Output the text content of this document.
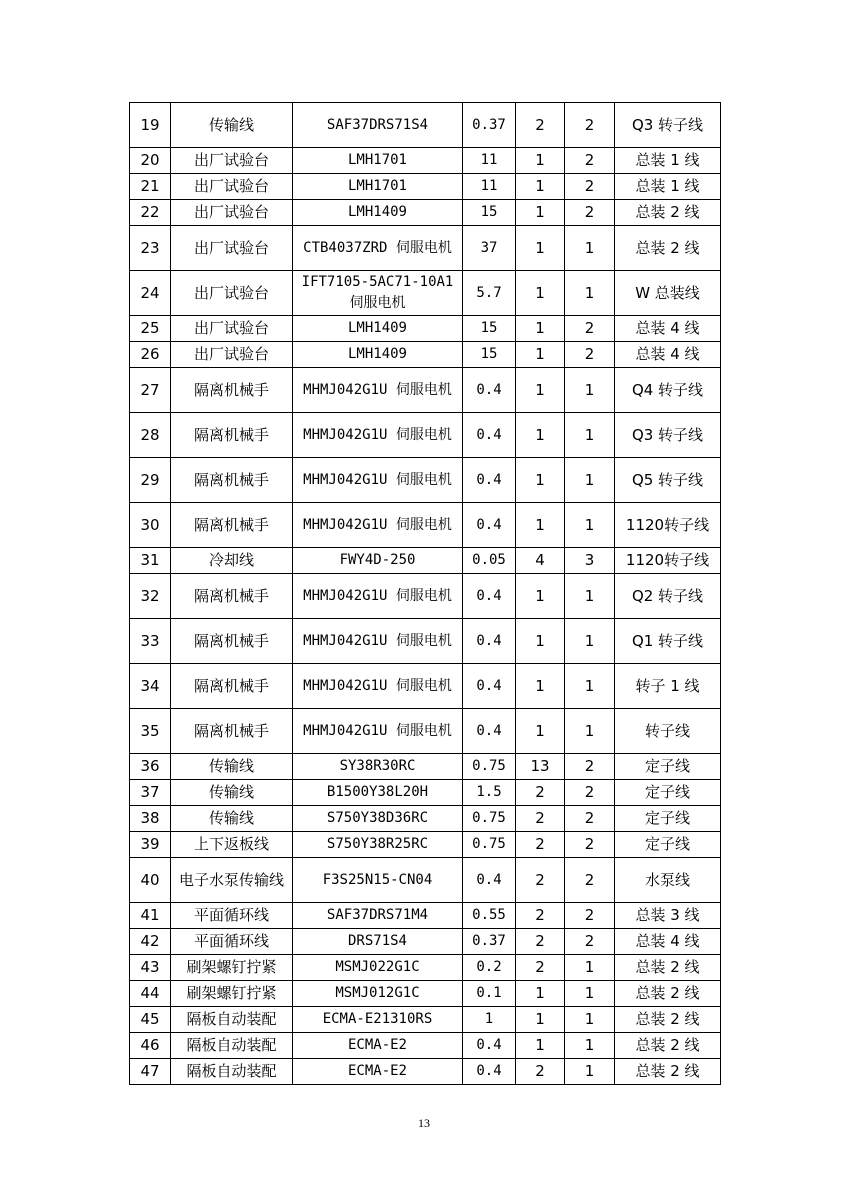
19	传输线	SAF37DRS71S4	0.37	2	2	Q3 转子线
20	出厂试验台	LMH1701	11	1	2	总装 1 线
21	出厂试验台	LMH1701	11	1	2	总装 1 线
22	出厂试验台	LMH1409	15	1	2	总装 2 线
23	出厂试验台	CTB4037ZRD 伺服电机	37	1	1	总装 2 线
24	出厂试验台	IFT7105-5AC71-10A1 伺服电机	5.7	1	1	W 总装线
25	出厂试验台	LMH1409	15	1	2	总装 4 线
26	出厂试验台	LMH1409	15	1	2	总装 4 线
27	隔离机械手	MHMJ042G1U 伺服电机	0.4	1	1	Q4 转子线
28	隔离机械手	MHMJ042G1U 伺服电机	0.4	1	1	Q3 转子线
29	隔离机械手	MHMJ042G1U 伺服电机	0.4	1	1	Q5 转子线
30	隔离机械手	MHMJ042G1U 伺服电机	0.4	1	1	1120转子线
31	冷却线	FWY4D-250	0.05	4	3	1120转子线
32	隔离机械手	MHMJ042G1U 伺服电机	0.4	1	1	Q2 转子线
33	隔离机械手	MHMJ042G1U 伺服电机	0.4	1	1	Q1 转子线
34	隔离机械手	MHMJ042G1U 伺服电机	0.4	1	1	转子 1 线
35	隔离机械手	MHMJ042G1U 伺服电机	0.4	1	1	转子线
36	传输线	SY38R30RC	0.75	13	2	定子线
37	传输线	B1500Y38L20H	1.5	2	2	定子线
38	传输线	S750Y38D36RC	0.75	2	2	定子线
39	上下返板线	S750Y38R25RC	0.75	2	2	定子线
40	电子水泵传输线	F3S25N15-CN04	0.4	2	2	水泵线
41	平面循环线	SAF37DRS71M4	0.55	2	2	总装 3 线
42	平面循环线	DRS71S4	0.37	2	2	总装 4 线
43	刷架螺钉拧紧	MSMJ022G1C	0.2	2	1	总装 2 线
44	刷架螺钉拧紧	MSMJ012G1C	0.1	1	1	总装 2 线
45	隔板自动装配	ECMA-E21310RS	1	1	1	总装 2 线
46	隔板自动装配	ECMA-E2	0.4	1	1	总装 2 线
47	隔板自动装配	ECMA-E2	0.4	2	1	总装 2 线
13
